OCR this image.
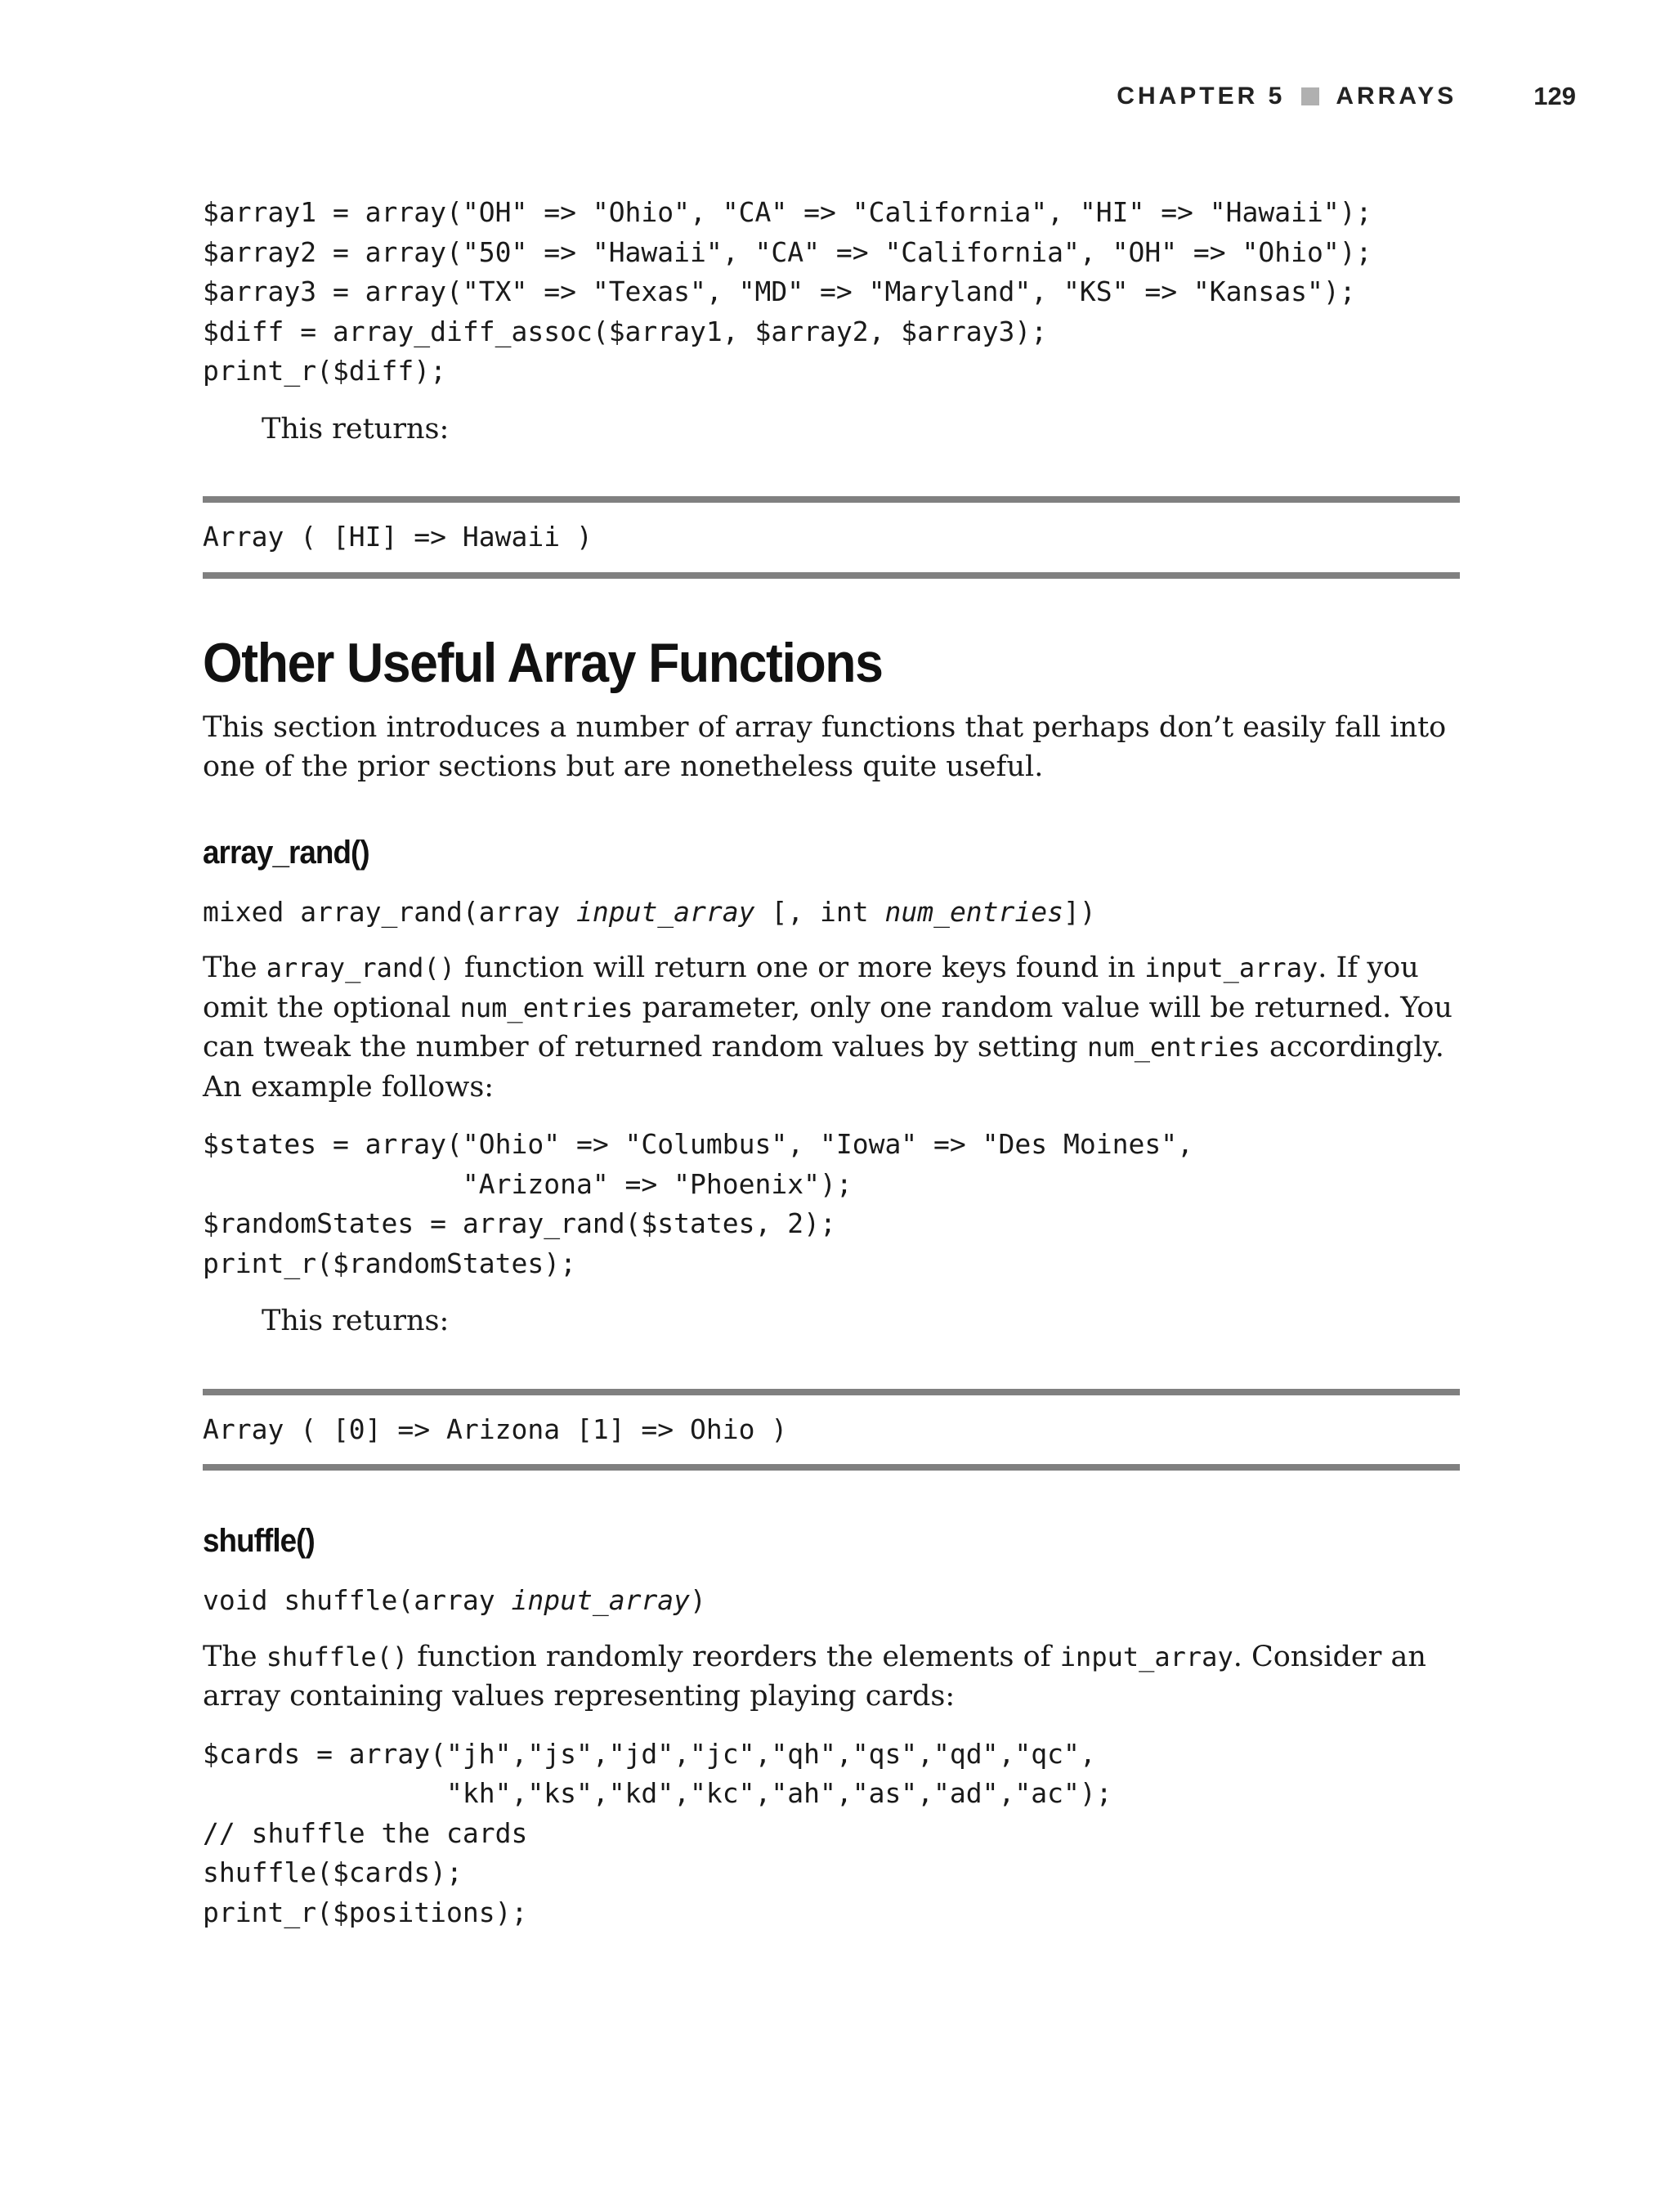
CHAPTER 5 ARRAYS	129
$array1 = array("OH" => "Ohio", "CA" => "California", "HI" => "Hawaii");
$array2 = array("50" => "Hawaii", "CA" => "California", "OH" => "Ohio");
$array3 = array("TX" => "Texas", "MD" => "Maryland", "KS" => "Kansas");
$diff = array_diff_assoc($array1, $array2, $array3);
print_r($diff);

This returns:

Array ( [HI] => Hawaii )
Other Useful Array Functions

This section introduces a number of array functions that perhaps don’t easily fall into one of the prior sections but are nonetheless quite useful.

array_rand()
mixed array_rand(array input_array [, int num_entries])

The array_rand() function will return one or more keys found in input_array. If you omit the optional num_entries parameter, only one random value will be returned. You can tweak the number of returned random values by setting num_entries accordingly. An example follows:

$states = array("Ohio" => "Columbus", "Iowa" => "Des Moines",
"Arizona" => "Phoenix");
$randomStates = array_rand($states, 2);
print_r($randomStates);

This returns:

Array ( [0] => Arizona [1] => Ohio )
shuffle()
void shuffle(array input_array)

The shuffle() function randomly reorders the elements of input_array. Consider an array containing values representing playing cards:

$cards = array("jh","js","jd","jc","qh","qs","qd","qc",
"kh","ks","kd","kc","ah","as","ad","ac");
// shuffle the cards
shuffle($cards);
print_r($positions);
